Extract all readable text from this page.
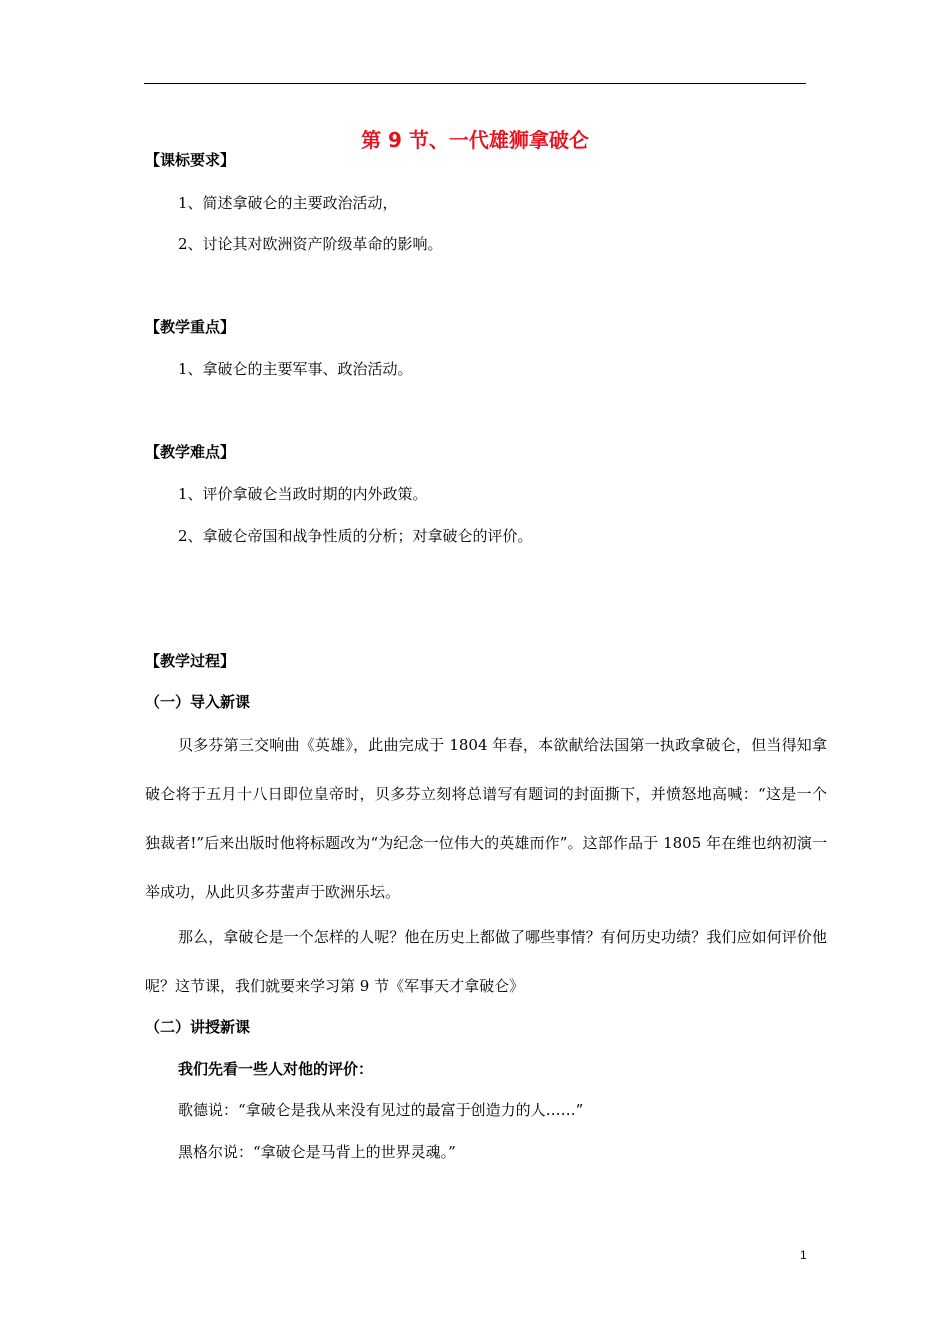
第 9 节、一代雄狮拿破仑
【课标要求】
1、简述拿破仑的主要政治活动，
2、讨论其对欧洲资产阶级革命的影响。
【教学重点】
1、拿破仑的主要军事、政治活动。
【教学难点】
1、评价拿破仑当政时期的内外政策。
2、拿破仑帝国和战争性质的分析；对拿破仑的评价。
【教学过程】
（一）导入新课
贝多芬第三交响曲《英雄》，此曲完成于 1804 年春，本欲献给法国第一执政拿破仑，但当得知拿破仑将于五月十八日即位皇帝时，贝多芬立刻将总谱写有题词的封面撕下，并愤怒地高喊：“这是一个独裁者!”后来出版时他将标题改为“为纪念一位伟大的英雄而作”。这部作品于 1805 年在维也纳初演一举成功，从此贝多芬蜚声于欧洲乐坛。
那么，拿破仑是一个怎样的人呢？他在历史上都做了哪些事情？有何历史功绩？我们应如何评价他呢？这节课，我们就要来学习第 9 节《军事天才拿破仑》
（二）讲授新课
我们先看一些人对他的评价：
歌德说：“拿破仑是我从来没有见过的最富于创造力的人……”
黑格尔说：“拿破仑是马背上的世界灵魂。”
1
